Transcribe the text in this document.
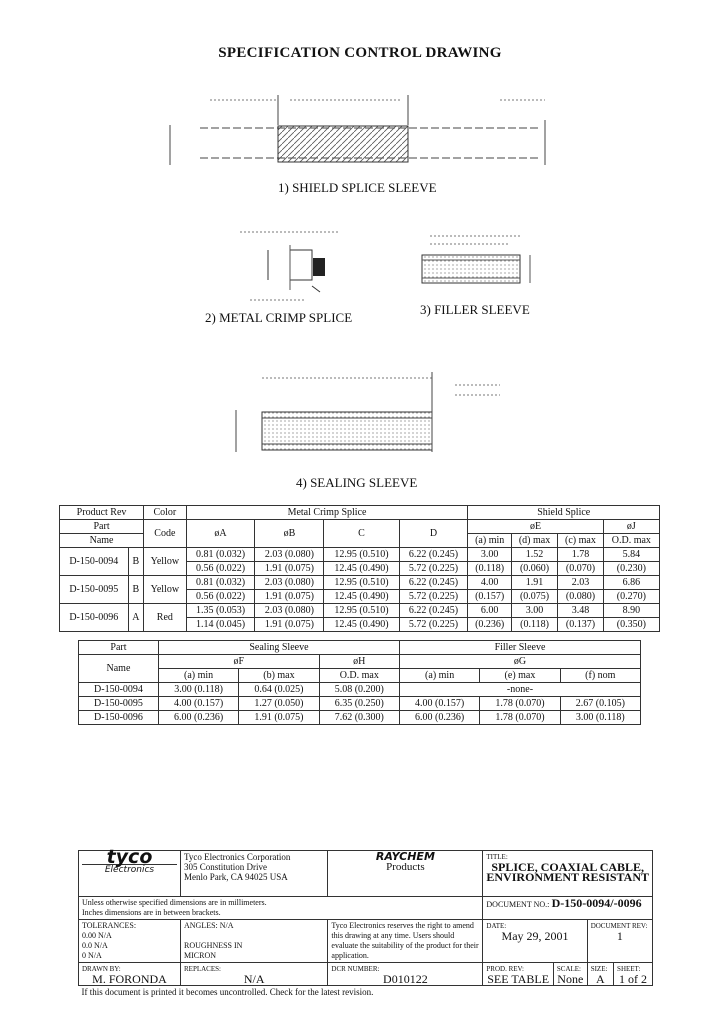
SPECIFICATION CONTROL DRAWING
1) SHIELD SPLICE SLEEVE
2) METAL CRIMP SPLICE
3) FILLER SLEEVE
4) SEALING SLEEVE
Product Rev		Color	Metal Crimp Splice				Shield Splice			
Part		Code	øA	øB	C	D	øE			øJ
Name							(a) min	(d) max	(c) max	O.D. max
D-150-0094	B	Yellow	0.81 (0.032)	2.03 (0.080)	12.95 (0.510)	6.22 (0.245)	3.00	1.52	1.78	5.84
			0.56 (0.022)	1.91 (0.075)	12.45 (0.490)	5.72 (0.225)	(0.118)	(0.060)	(0.070)	(0.230)
D-150-0095	B	Yellow	0.81 (0.032)	2.03 (0.080)	12.95 (0.510)	6.22 (0.245)	4.00	1.91	2.03	6.86
			0.56 (0.022)	1.91 (0.075)	12.45 (0.490)	5.72 (0.225)	(0.157)	(0.075)	(0.080)	(0.270)
D-150-0096	A	Red	1.35 (0.053)	2.03 (0.080)	12.95 (0.510)	6.22 (0.245)	6.00	3.00	3.48	8.90
			1.14 (0.045)	1.91 (0.075)	12.45 (0.490)	5.72 (0.225)	(0.236)	(0.118)	(0.137)	(0.350)
Part	Sealing Sleeve			Filler Sleeve		
Name	øF		øH	øG		
	(a) min	(b) max	O.D. max	(a) min	(e) max	(f) nom
D-150-0094	3.00 (0.118)	0.64 (0.025)	5.08 (0.200)	-none-		
D-150-0095	4.00 (0.157)	1.27 (0.050)	6.35 (0.250)	4.00 (0.157)	1.78 (0.070)	2.67 (0.105)
D-150-0096	6.00 (0.236)	1.91 (0.075)	7.62 (0.300)	6.00 (0.236)	1.78 (0.070)	3.00 (0.118)
tyco
Electronics	Tyco Electronics Corporation
305 Constitution Drive
Menlo Park, CA 94025 USA	RAYCHEM
Products	TITLE:
SPLICE, COAXIAL CABLE,
ENVIRONMENT RESISTANT			

Unless otherwise specified dimensions are in millimeters.
Inches dimensions are in between brackets.			DOCUMENT NO.: D-150-0094/-0096			

TOLERANCES:
0.00 N/A
0.0 N/A
0 N/A	ANGLES: N/A
ROUGHNESS IN
MICRON	Tyco Electronics reserves the right to amend this drawing at any time. Users should evaluate the suitability of the product for their application.	DATE:
May 29, 2001		DOCUMENT REV:
1	

DRAWN BY:
M. FORONDA	REPLACES:
N/A	DCR NUMBER:
D010122	PROD. REV:
SEE TABLE	SCALE:
None	SIZE:
A	SHEET:
1 of 2

If this document is printed it becomes uncontrolled. Check for the latest revision.						
